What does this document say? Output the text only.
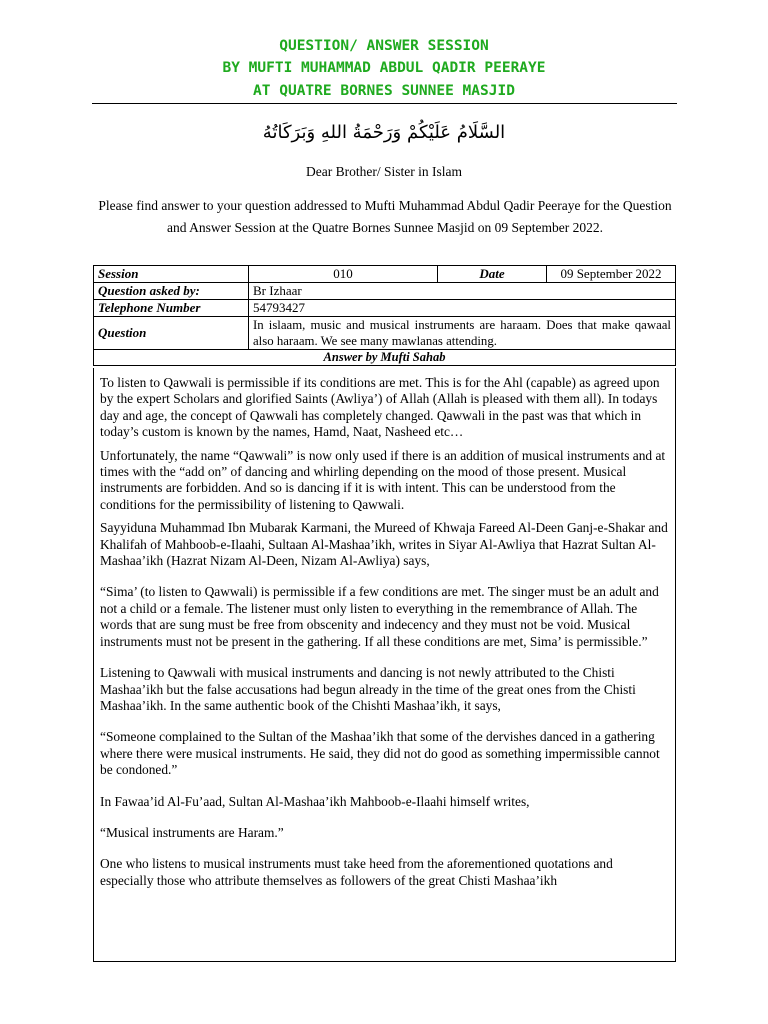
QUESTION/ ANSWER SESSION
BY MUFTI MUHAMMAD ABDUL QADIR PEERAYE
AT QUATRE BORNES SUNNEE MASJID
السَّلَامُ عَلَيْكُمْ وَرَحْمَةُ اللهِ وَبَرَكَاتُهُ
Dear Brother/ Sister in Islam
Please find answer to your question addressed to Mufti Muhammad Abdul Qadir Peeraye for the Question and Answer Session at the Quatre Bornes Sunnee Masjid on 09 September 2022.
Session	010	Date	09 September 2022
Question asked by:	Br Izhaar		
Telephone Number	54793427		
Question	In islaam, music and musical instruments are haraam. Does that make qawaal also haraam. We see many mawlanas attending.		
Answer by Mufti Sahab			

To listen to Qawwali is permissible if its conditions are met. This is for the Ahl (capable) as agreed upon by the expert Scholars and glorified Saints (Awliya’) of Allah (Allah is pleased with them all). In todays day and age, the concept of Qawwali has completely changed. Qawwali in the past was that which in today’s custom is known by the names, Hamd, Naat, Nasheed etc…

Unfortunately, the name “Qawwali” is now only used if there is an addition of musical instruments and at times with the “add on” of dancing and whirling depending on the mood of those present. Musical instruments are forbidden. And so is dancing if it is with intent. This can be understood from the conditions for the permissibility of listening to Qawwali.

Sayyiduna Muhammad Ibn Mubarak Karmani, the Mureed of Khwaja Fareed Al-Deen Ganj-e-Shakar and Khalifah of Mahboob-e-Ilaahi, Sultaan Al-Mashaa’ikh, writes in Siyar Al-Awliya that Hazrat Sultan Al-Mashaa’ikh (Hazrat Nizam Al-Deen, Nizam Al-Awliya) says,

“Sima’ (to listen to Qawwali) is permissible if a few conditions are met. The singer must be an adult and not a child or a female. The listener must only listen to everything in the remembrance of Allah. The words that are sung must be free from obscenity and indecency and they must not be void. Musical instruments must not be present in the gathering. If all these conditions are met, Sima’ is permissible.”

Listening to Qawwali with musical instruments and dancing is not newly attributed to the Chisti Mashaa’ikh but the false accusations had begun already in the time of the great ones from the Chisti Mashaa’ikh. In the same authentic book of the Chishti Mashaa’ikh, it says,

“Someone complained to the Sultan of the Mashaa’ikh that some of the dervishes danced in a gathering where there were musical instruments. He said, they did not do good as something impermissible cannot be condoned.”

In Fawaa’id Al-Fu’aad, Sultan Al-Mashaa’ikh Mahboob-e-Ilaahi himself writes,

“Musical instruments are Haram.”

One who listens to musical instruments must take heed from the aforementioned quotations and especially those who attribute themselves as followers of the great Chisti Mashaa’ikh
